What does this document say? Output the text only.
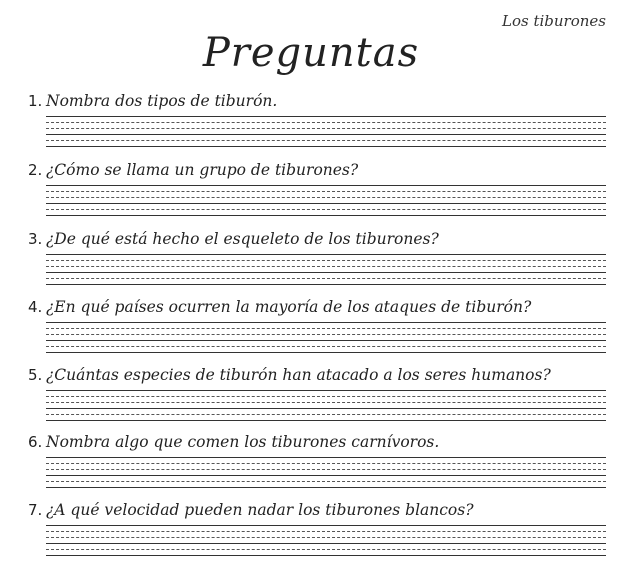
Los tiburones
Preguntas
1. Nombra dos tipos de tiburón.
2. ¿Cómo se llama un grupo de tiburones?
3. ¿De qué está hecho el esqueleto de los tiburones?
4. ¿En qué países ocurren la mayoría de los ataques de tiburón?
5. ¿Cuántas especies de tiburón han atacado a los seres humanos?
6. Nombra algo que comen los tiburones carnívoros.
7. ¿A qué velocidad pueden nadar los tiburones blancos?
